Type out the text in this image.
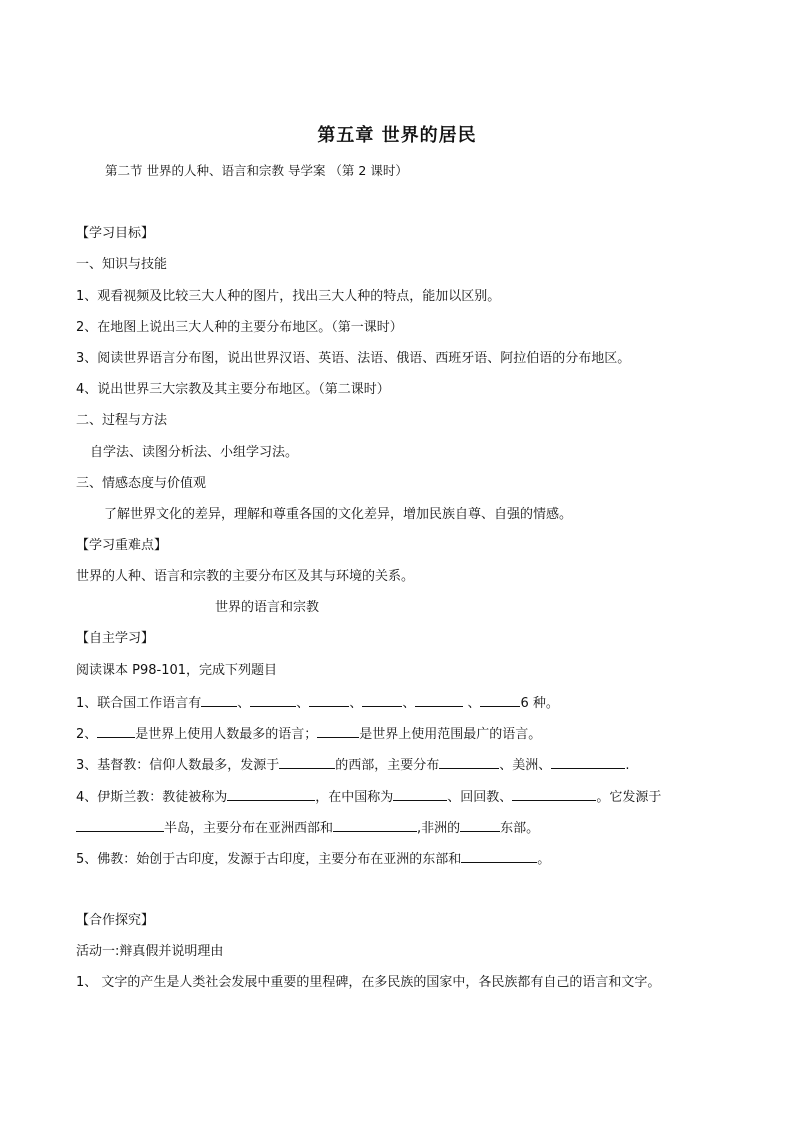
第五章 世界的居民
第二节 世界的人种、语言和宗教 导学案 （第 2 课时）
【学习目标】
一、知识与技能
1、观看视频及比较三大人种的图片，找出三大人种的特点，能加以区别。
2、在地图上说出三大人种的主要分布地区。（第一课时）
3、阅读世界语言分布图，说出世界汉语、英语、法语、俄语、西班牙语、阿拉伯语的分布地区。
4、说出世界三大宗教及其主要分布地区。（第二课时）
二、过程与方法
自学法、读图分析法、小组学习法。
三、情感态度与价值观
了解世界文化的差异，理解和尊重各国的文化差异，增加民族自尊、自强的情感。
【学习重难点】
世界的人种、语言和宗教的主要分布区及其与环境的关系。
世界的语言和宗教
【自主学习】
阅读课本 P98-101，完成下列题目
1、联合国工作语言有	、	、	、	、	、	6 种。
2、	是世界上使用人数最多的语言；	是世界上使用范围最广的语言。
3、基督教：信仰人数最多，发源于	的西部，主要分布	、美洲、	.
4、伊斯兰教：教徒被称为	，在中国称为	、回回教、	。它发源于
半岛，主要分布在亚洲西部和	,非洲的	东部。
5、佛教：始创于古印度，发源于古印度，主要分布在亚洲的东部和	。
【合作探究】
活动一:辩真假并说明理由
1、 文字的产生是人类社会发展中重要的里程碑，在多民族的国家中，各民族都有自己的语言和文字。
